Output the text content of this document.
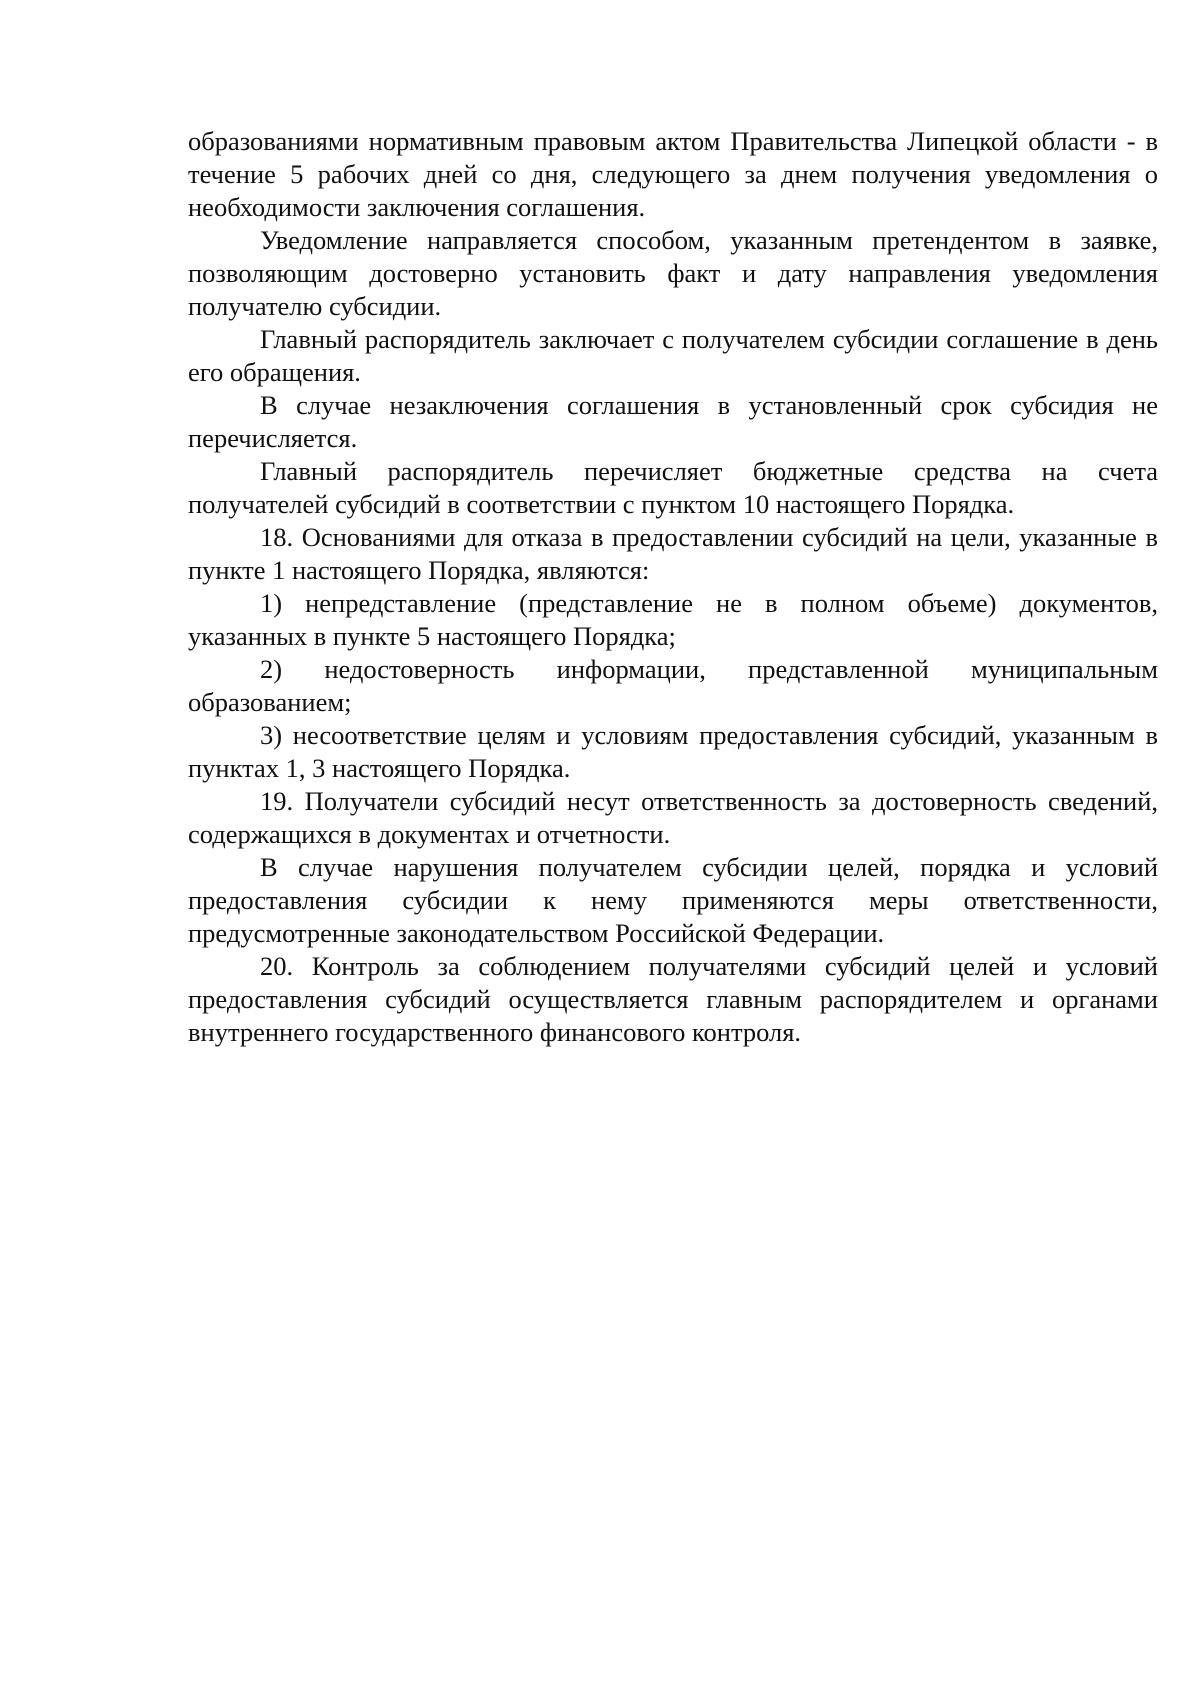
образованиями нормативным правовым актом Правительства Липецкой области - в течение 5 рабочих дней со дня, следующего за днем получения уведомления о необходимости заключения соглашения.

Уведомление направляется способом, указанным претендентом в заявке, позволяющим достоверно установить факт и дату направления уведомления получателю субсидии.

Главный распорядитель заключает с получателем субсидии соглашение в день его обращения.

В случае незаключения соглашения в установленный срок субсидия не перечисляется.

Главный распорядитель перечисляет бюджетные средства на счета получателей субсидий в соответствии с пунктом 10 настоящего Порядка.

18. Основаниями для отказа в предоставлении субсидий на цели, указанные в пункте 1 настоящего Порядка, являются:

1) непредставление (представление не в полном объеме) документов, указанных в пункте 5 настоящего Порядка;

2) недостоверность информации, представленной муниципальным образованием;

3) несоответствие целям и условиям предоставления субсидий, указанным в пунктах 1, 3 настоящего Порядка.

19. Получатели субсидий несут ответственность за достоверность сведений, содержащихся в документах и отчетности.

В случае нарушения получателем субсидии целей, порядка и условий предоставления субсидии к нему применяются меры ответственности, предусмотренные законодательством Российской Федерации.

20. Контроль за соблюдением получателями субсидий целей и условий предоставления субсидий осуществляется главным распорядителем и органами внутреннего государственного финансового контроля.
